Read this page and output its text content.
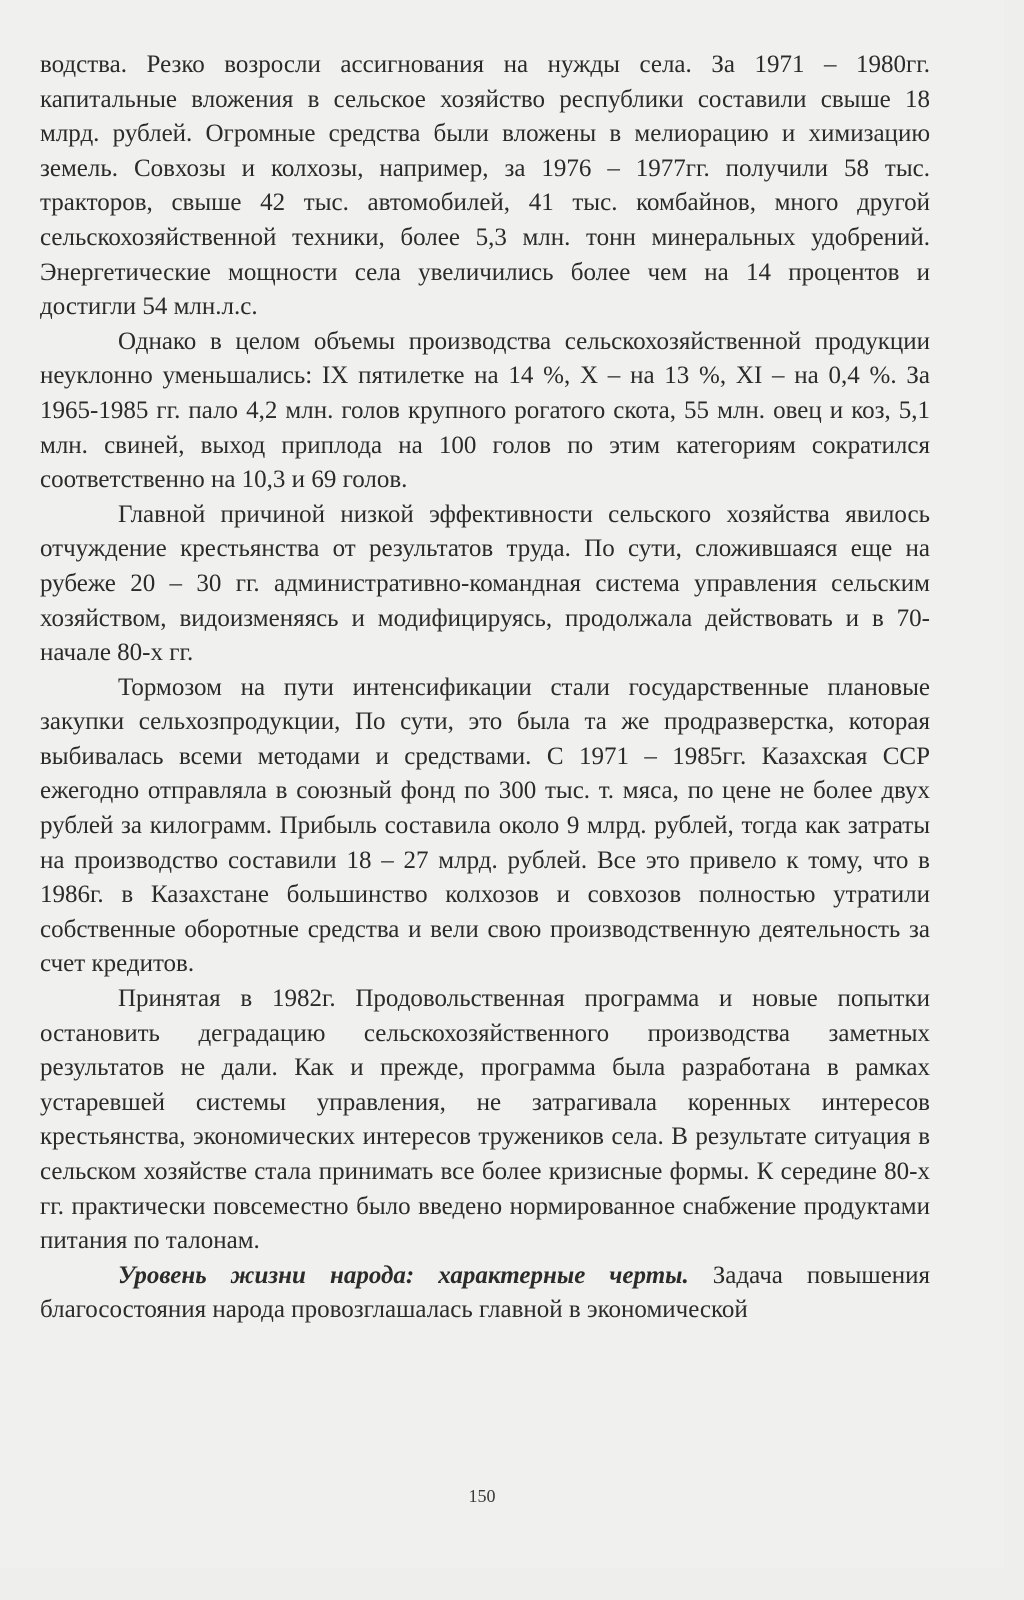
водства. Резко возросли ассигнования на нужды села. За 1971 – 1980гг. капитальные вложения в сельское хозяйство республики составили свыше 18 млрд. рублей. Огромные средства были вложены в мелиорацию и химизацию земель. Совхозы и колхозы, например, за 1976 – 1977гг. получили 58 тыс. тракторов, свыше 42 тыс. автомобилей, 41 тыс. комбайнов, много другой сельскохозяйственной техники, более 5,3 млн. тонн минеральных удобрений. Энергетические мощности села увеличились более чем на 14 процентов и достигли 54 млн.л.с.

Однако в целом объемы производства сельскохозяйственной продукции неуклонно уменьшались: IX пятилетке на 14 %, X – на 13 %, XI – на 0,4 %. За 1965-1985 гг. пало 4,2 млн. голов крупного рогатого скота, 55 млн. овец и коз, 5,1 млн. свиней, выход приплода на 100 голов по этим категориям сократился соответственно на 10,3 и 69 голов.

Главной причиной низкой эффективности сельского хозяйства явилось отчуждение крестьянства от результатов труда. По сути, сложившаяся еще на рубеже 20 – 30 гг. административно-командная система управления сельским хозяйством, видоизменяясь и модифицируясь, продолжала действовать и в 70- начале 80-х гг.

Тормозом на пути интенсификации стали государственные плановые закупки сельхозпродукции, По сути, это была та же продразверстка, которая выбивалась всеми методами и средствами. С 1971 – 1985гг. Казахская ССР ежегодно отправляла в союзный фонд по 300 тыс. т. мяса, по цене не более двух рублей за килограмм. Прибыль составила около 9 млрд. рублей, тогда как затраты на производство составили 18 – 27 млрд. рублей. Все это привело к тому, что в 1986г. в Казахстане большинство колхозов и совхозов полностью утратили собственные оборотные средства и вели свою производственную деятельность за счет кредитов.

Принятая в 1982г. Продовольственная программа и новые попытки остановить деградацию сельскохозяйственного производства заметных результатов не дали. Как и прежде, программа была разработана в рамках устаревшей системы управления, не затрагивала коренных интересов крестьянства, экономических интересов тружеников села. В результате ситуация в сельском хозяйстве стала принимать все более кризисные формы. К середине 80-х гг. практически повсеместно было введено нормированное снабжение продуктами питания по талонам.

Уровень жизни народа: характерные черты. Задача повышения благосостояния народа провозглашалась главной в экономической

150
